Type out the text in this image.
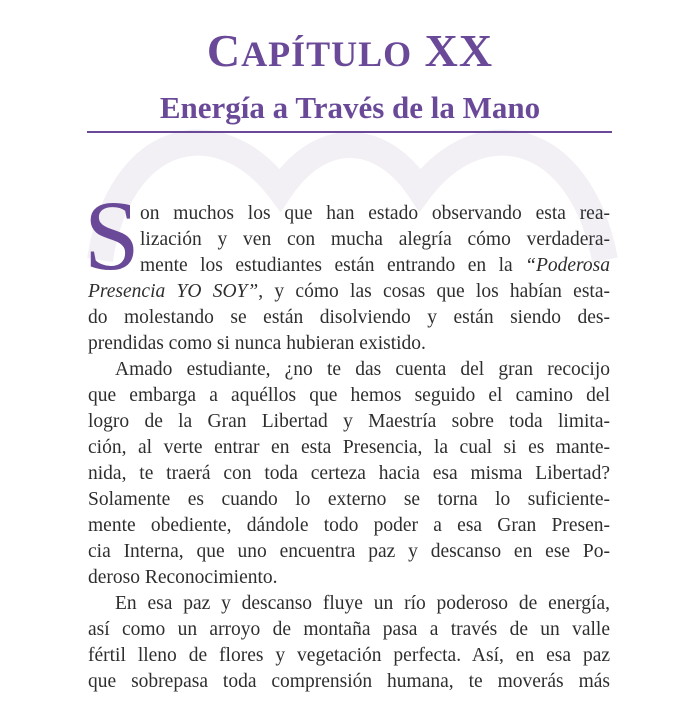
CAPÍTULO XX
Energía a Través de la Mano
S on muchos los que han estado observando esta rea-
lización y ven con mucha alegría cómo verdadera-
mente los estudiantes están entrando en la “Poderosa
Presencia YO SOY”, y cómo las cosas que los habían esta-
do molestando se están disolviendo y están siendo des-
prendidas como si nunca hubieran existido.
Amado estudiante, ¿no te das cuenta del gran recocijo
que embarga a aquéllos que hemos seguido el camino del
logro de la Gran Libertad y Maestría sobre toda limita-
ción, al verte entrar en esta Presencia, la cual si es mante-
nida, te traerá con toda certeza hacia esa misma Libertad?
Solamente es cuando lo externo se torna lo suficiente-
mente obediente, dándole todo poder a esa Gran Presen-
cia Interna, que uno encuentra paz y descanso en ese Po-
deroso Reconocimiento.
En esa paz y descanso fluye un río poderoso de energía,
así como un arroyo de montaña pasa a través de un valle
fértil lleno de flores y vegetación perfecta. Así, en esa paz
que sobrepasa toda comprensión humana, te moverás más
